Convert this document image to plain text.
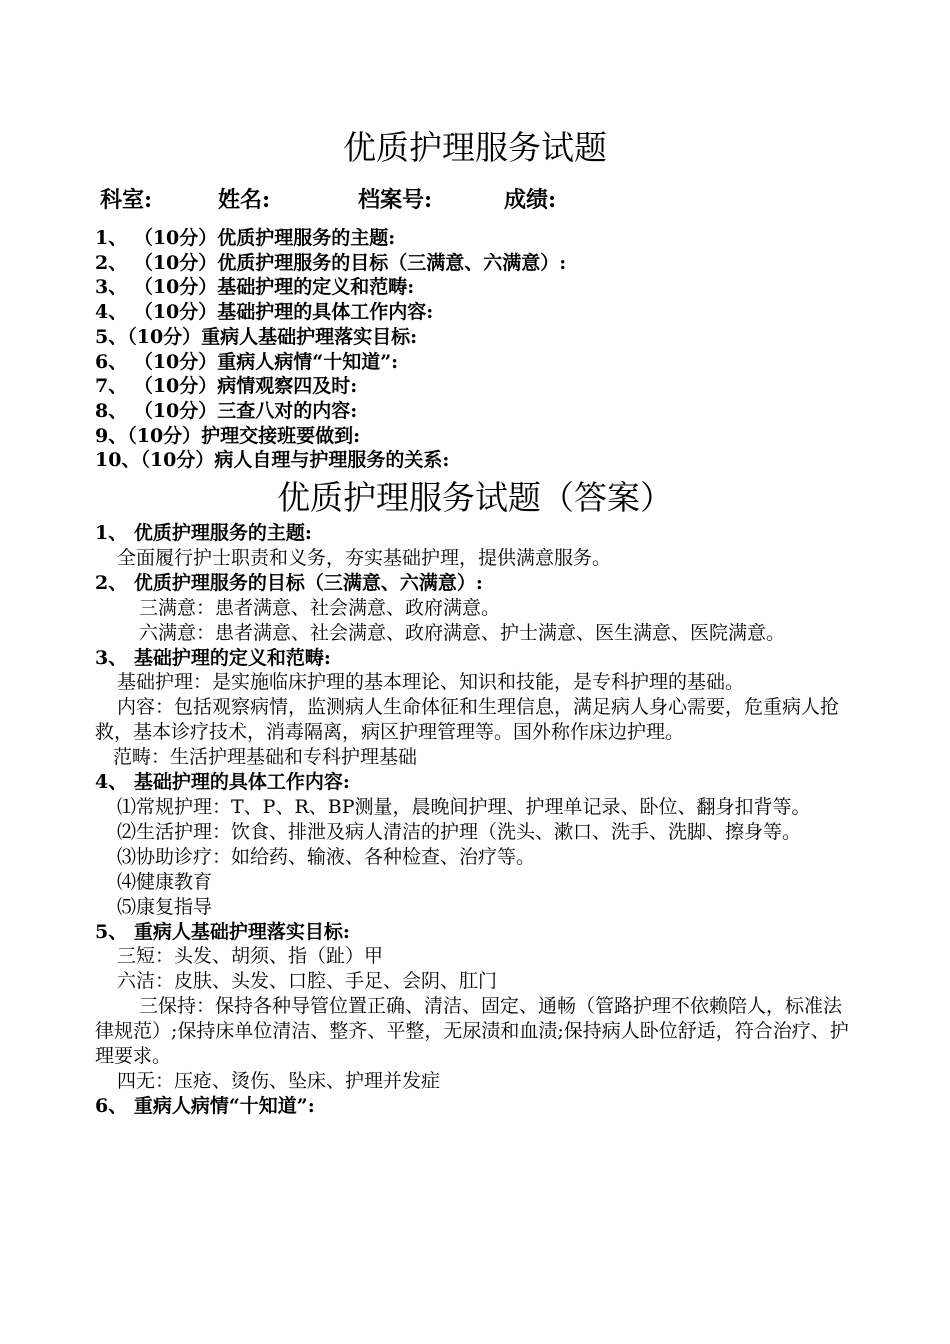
优质护理服务试题
科室:	姓名:	档案号:	成绩:
1、 （10分）优质护理服务的主题:
2、 （10分）优质护理服务的目标（三满意、六满意）:
3、 （10分）基础护理的定义和范畴:
4、 （10分）基础护理的具体工作内容:
5、（10分）重病人基础护理落实目标:
6、 （10分）重病人病情“十知道”:
7、 （10分）病情观察四及时:
8、 （10分）三查八对的内容:
9、（10分）护理交接班要做到:
10、（10分）病人自理与护理服务的关系:
优质护理服务试题（答案）
1、 优质护理服务的主题:
全面履行护士职责和义务，夯实基础护理，提供满意服务。
2、 优质护理服务的目标（三满意、六满意）:
三满意：患者满意、社会满意、政府满意。
六满意：患者满意、社会满意、政府满意、护士满意、医生满意、医院满意。
3、 基础护理的定义和范畴:
基础护理：是实施临床护理的基本理论、知识和技能，是专科护理的基础。
内容：包括观察病情，监测病人生命体征和生理信息，满足病人身心需要，危重病人抢救，基本诊疗技术，消毒隔离，病区护理管理等。国外称作床边护理。
范畴：生活护理基础和专科护理基础
4、 基础护理的具体工作内容:
⑴常规护理：T、P、R、BP测量，晨晚间护理、护理单记录、卧位、翻身扣背等。
⑵生活护理：饮食、排泄及病人清洁的护理（洗头、漱口、洗手、洗脚、擦身等。
⑶协助诊疗：如给药、输液、各种检查、治疗等。
⑷健康教育
⑸康复指导
5、 重病人基础护理落实目标:
三短：头发、胡须、指（趾）甲
六洁：皮肤、头发、口腔、手足、会阴、肛门
三保持：保持各种导管位置正确、清洁、固定、通畅（管路护理不依赖陪人，标准法律规范）;保持床单位清洁、整齐、平整，无尿渍和血渍;保持病人卧位舒适，符合治疗、护理要求。
四无：压疮、烫伤、坠床、护理并发症
6、 重病人病情“十知道”:
